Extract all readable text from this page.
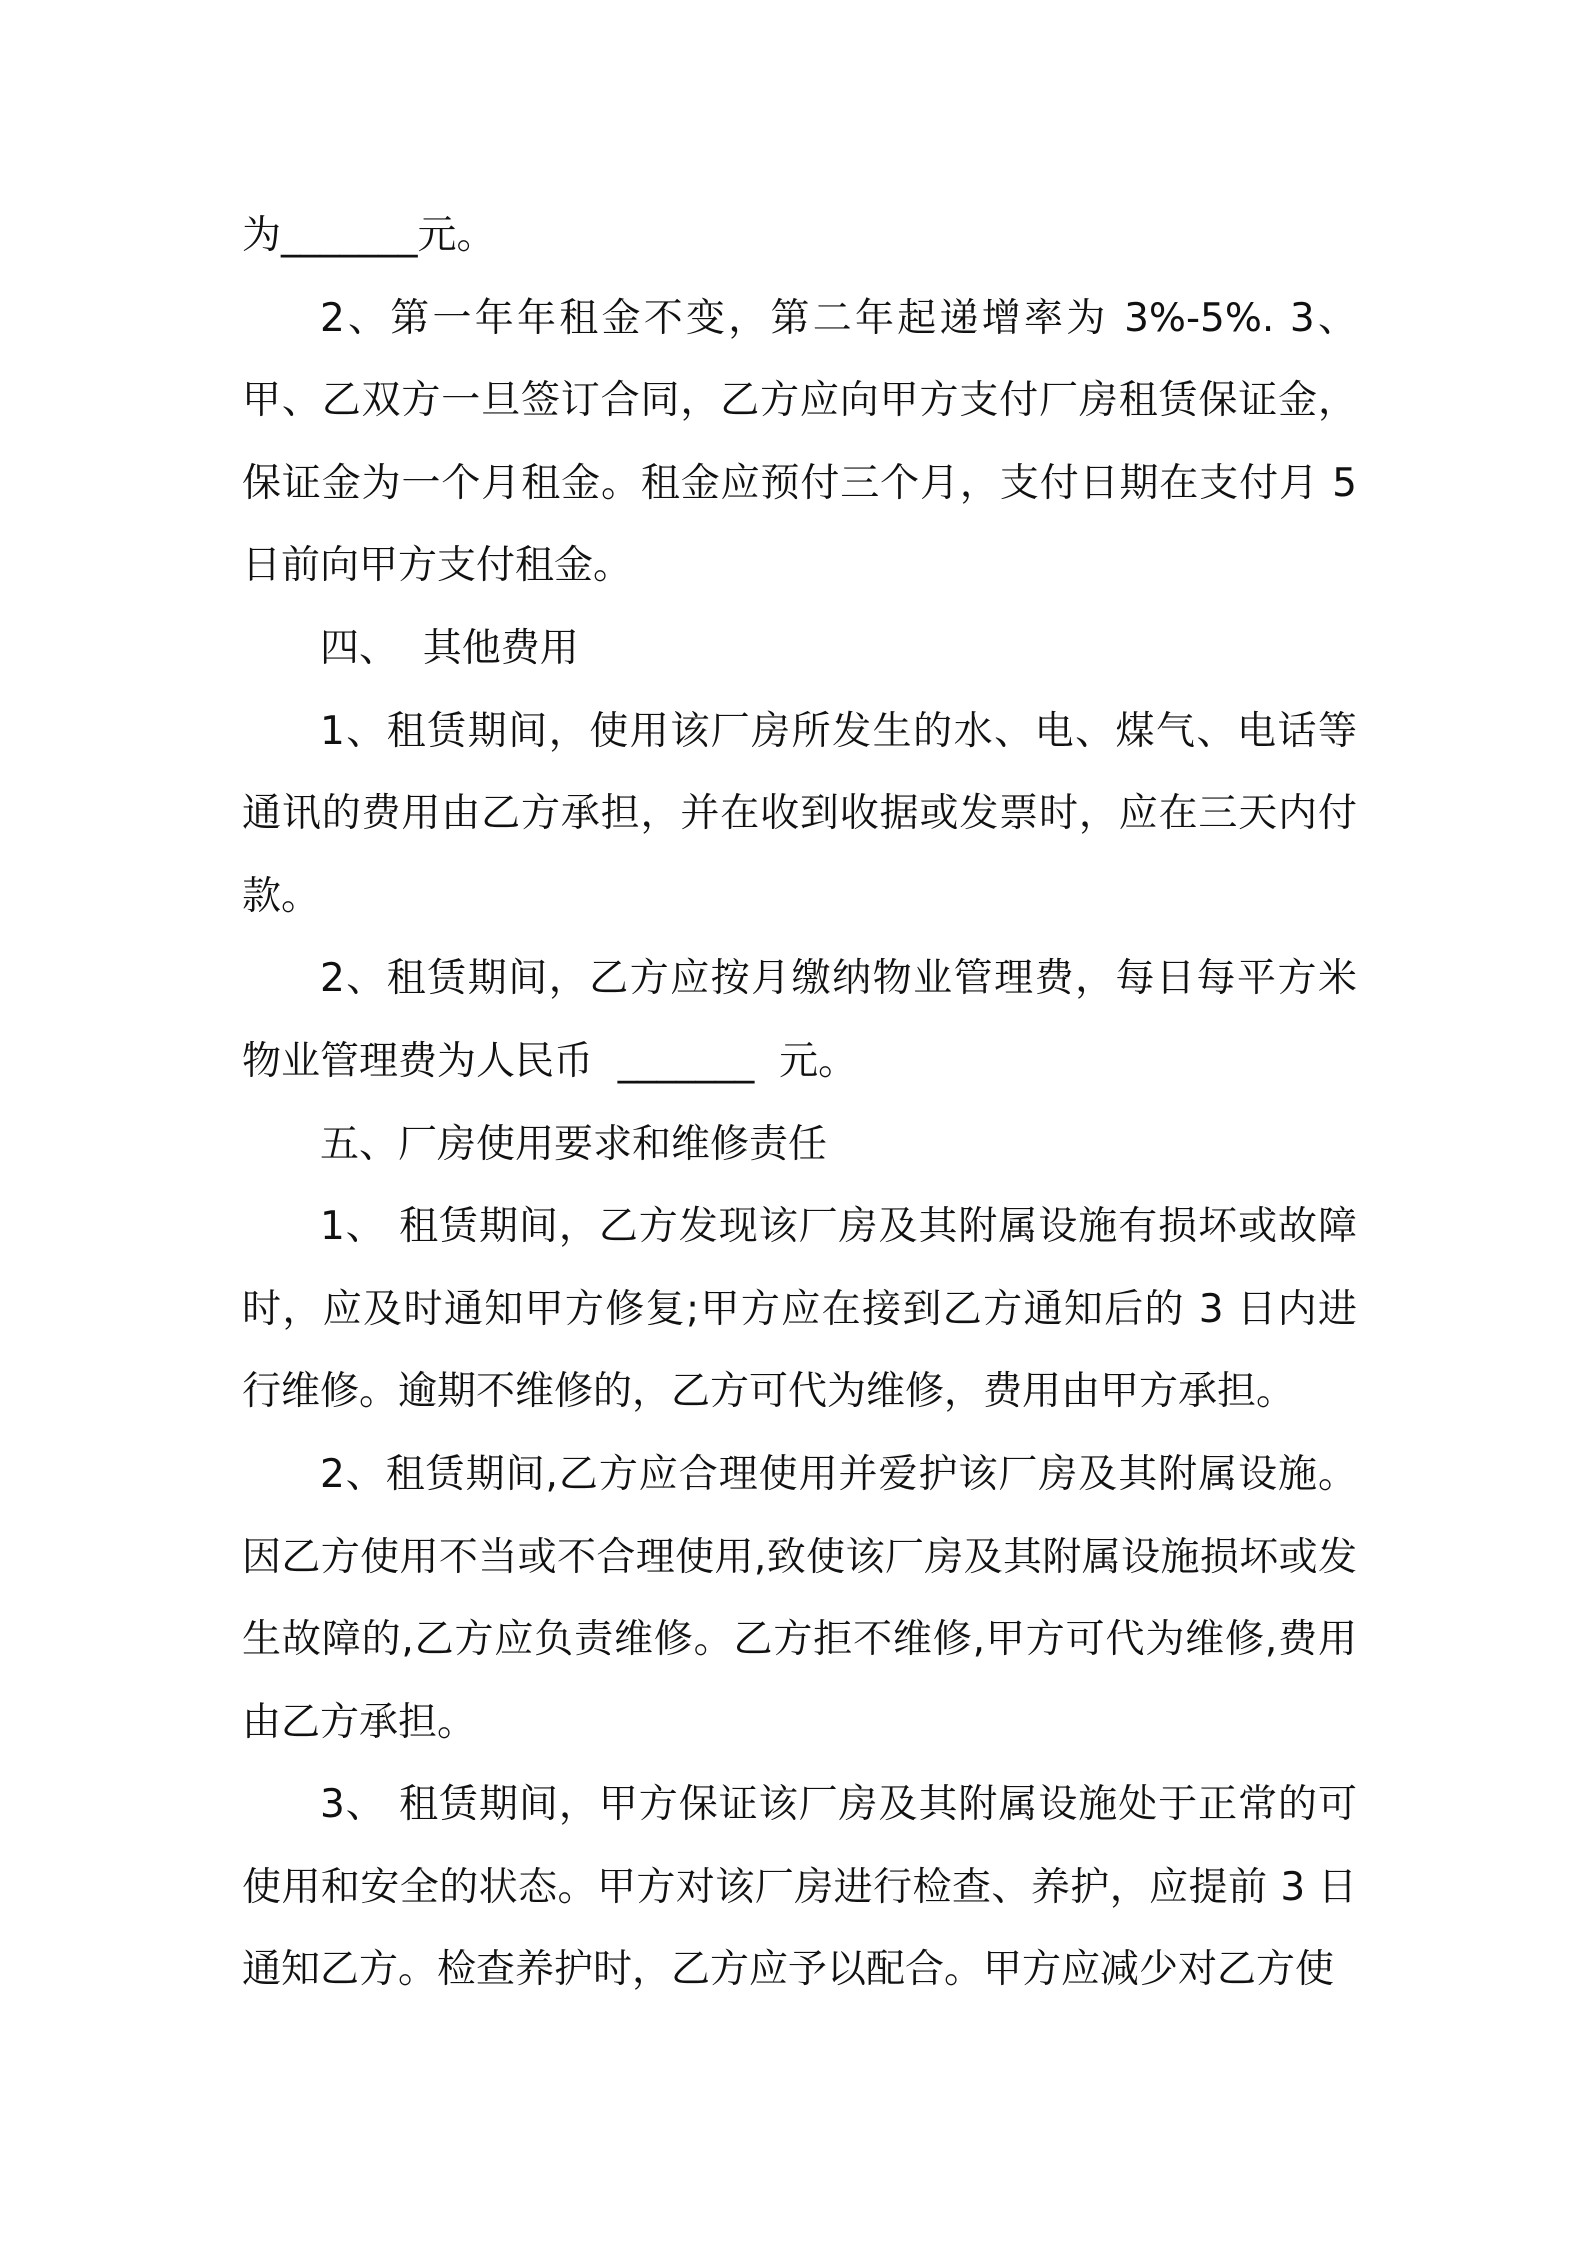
为_______元。

2、第一年年租金不变，第二年起递增率为 3%-5%. 3、甲、乙双方一旦签订合同，乙方应向甲方支付厂房租赁保证金，保证金为一个月租金。租金应预付三个月，支付日期在支付月 5 日前向甲方支付租金。

四、  其他费用

1、租赁期间，使用该厂房所发生的水、电、煤气、电话等通讯的费用由乙方承担，并在收到收据或发票时，应在三天内付款。

2、租赁期间，乙方应按月缴纳物业管理费，每日每平方米物业管理费为人民币  _______  元。

五、厂房使用要求和维修责任

1、 租赁期间，乙方发现该厂房及其附属设施有损坏或故障时，应及时通知甲方修复;甲方应在接到乙方通知后的 3 日内进行维修。逾期不维修的，乙方可代为维修，费用由甲方承担。

2、租赁期间,乙方应合理使用并爱护该厂房及其附属设施。因乙方使用不当或不合理使用,致使该厂房及其附属设施损坏或发生故障的,乙方应负责维修。乙方拒不维修,甲方可代为维修,费用由乙方承担。

3、 租赁期间，甲方保证该厂房及其附属设施处于正常的可使用和安全的状态。甲方对该厂房进行检查、养护，应提前 3 日通知乙方。检查养护时，乙方应予以配合。甲方应减少对乙方使
